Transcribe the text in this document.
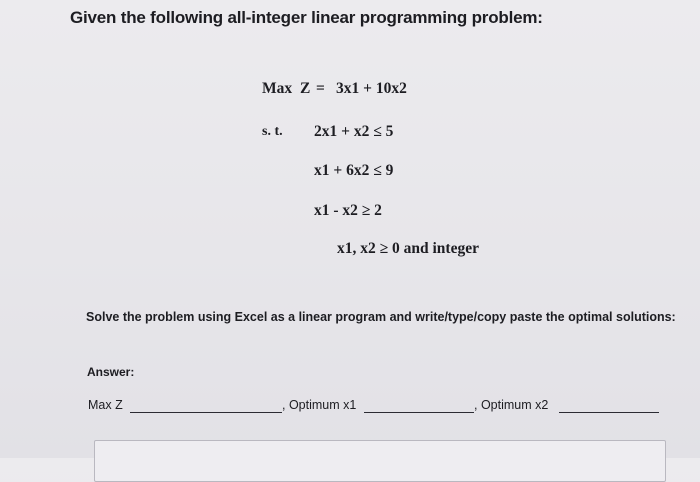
Given the following all-integer linear programming problem:
Max Z = 3x1 + 10x2
s. t. 2x1 + x2 ≤ 5
x1 + 6x2 ≤ 9
x1 - x2 ≥ 2
x1, x2 ≥ 0 and integer
Solve the problem using Excel as a linear program and write/type/copy paste the optimal solutions:
Answer:
Max Z	, Optimum x1	, Optimum x2
